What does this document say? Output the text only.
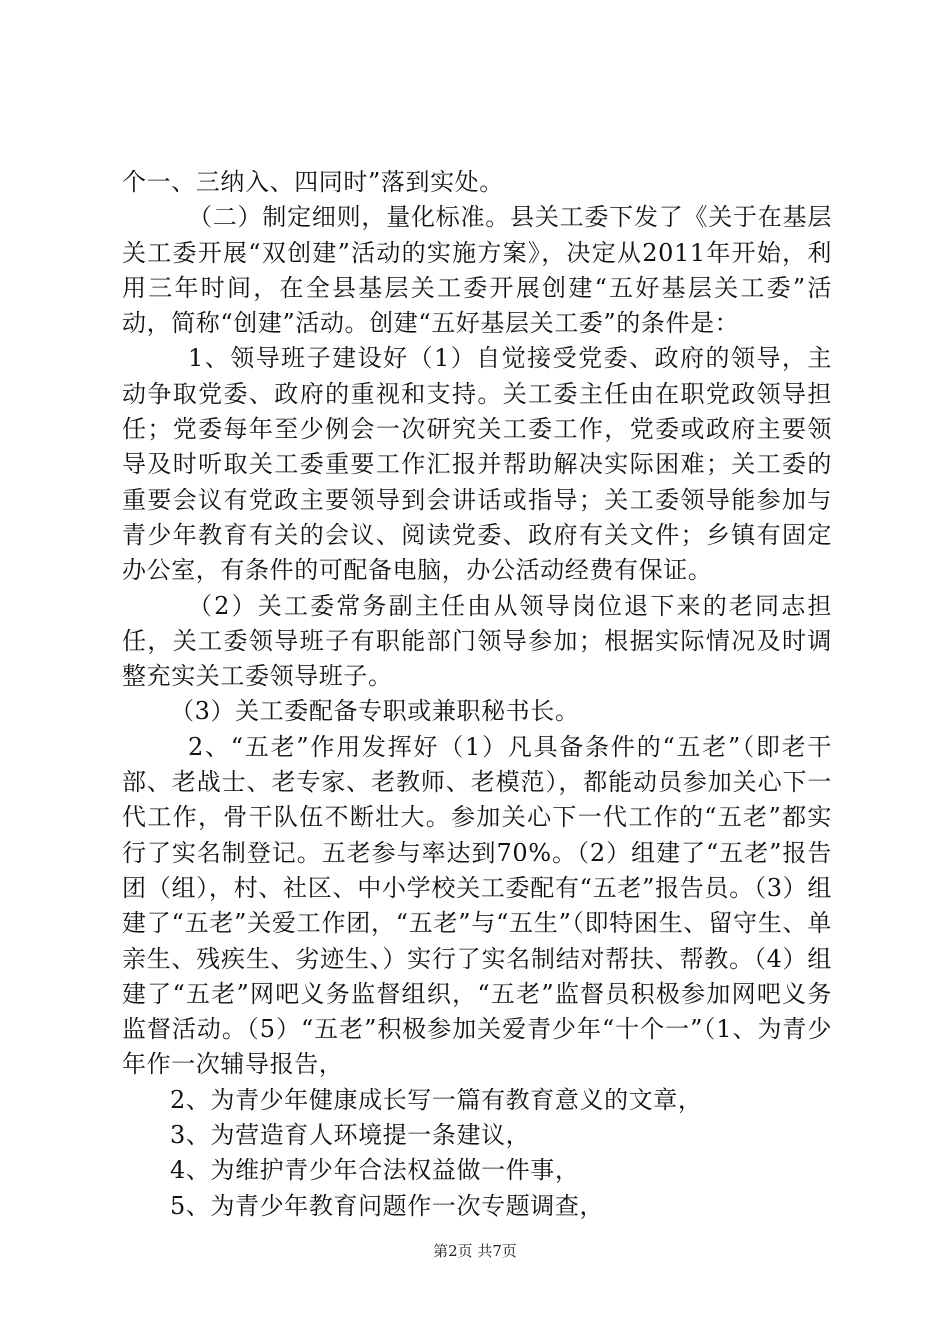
个一、三纳入、四同时”落到实处。

（二）制定细则，量化标准。县关工委下发了《关于在基层关工委开展“双创建”活动的实施方案》，决定从2011年开始，利用三年时间，在全县基层关工委开展创建“五好基层关工委”活动，简称“创建”活动。创建“五好基层关工委”的条件是：

1、领导班子建设好（1）自觉接受党委、政府的领导，主动争取党委、政府的重视和支持。关工委主任由在职党政领导担任；党委每年至少例会一次研究关工委工作，党委或政府主要领导及时听取关工委重要工作汇报并帮助解决实际困难；关工委的重要会议有党政主要领导到会讲话或指导；关工委领导能参加与青少年教育有关的会议、阅读党委、政府有关文件；乡镇有固定办公室，有条件的可配备电脑，办公活动经费有保证。

（2）关工委常务副主任由从领导岗位退下来的老同志担任，关工委领导班子有职能部门领导参加；根据实际情况及时调整充实关工委领导班子。

（3）关工委配备专职或兼职秘书长。

2、“五老”作用发挥好（1）凡具备条件的“五老”（即老干部、老战士、老专家、老教师、老模范），都能动员参加关心下一代工作，骨干队伍不断壮大。参加关心下一代工作的“五老”都实行了实名制登记。五老参与率达到70%。（2）组建了“五老”报告团（组），村、社区、中小学校关工委配有“五老”报告员。（3）组建了“五老”关爱工作团，“五老”与“五生”（即特困生、留守生、单亲生、残疾生、劣迹生、）实行了实名制结对帮扶、帮教。（4）组建了“五老”网吧义务监督组织，“五老”监督员积极参加网吧义务监督活动。（5）“五老”积极参加关爱青少年“十个一”（1、为青少年作一次辅导报告，

2、为青少年健康成长写一篇有教育意义的文章，

3、为营造育人环境提一条建议，

4、为维护青少年合法权益做一件事，

5、为青少年教育问题作一次专题调查，

第2页 共7页
